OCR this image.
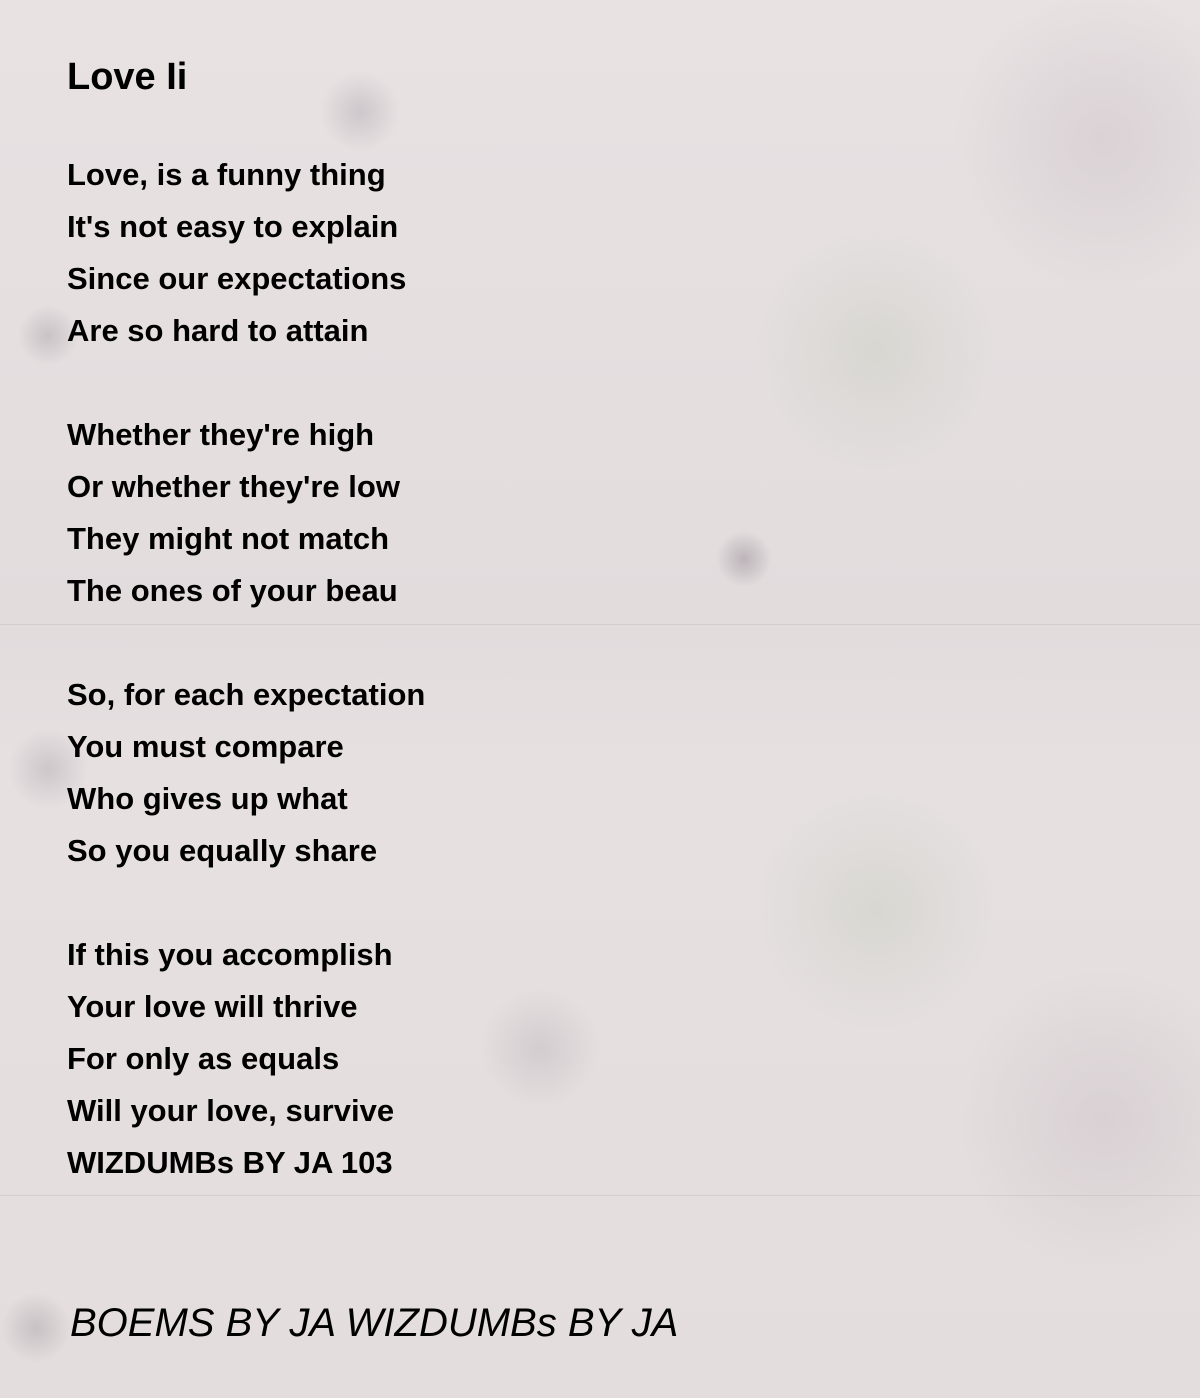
Love Ii
Love, is a funny thing
It's not easy to explain
Since our expectations
Are so hard to attain
Whether they're high
Or whether they're low
They might not match
The ones of your beau
So, for each expectation
You must compare
Who gives up what
So you equally share
If this you accomplish
Your love will thrive
For only as equals
Will your love, survive
WIZDUMBs BY JA 103

BOEMS BY JA WIZDUMBs BY JA
